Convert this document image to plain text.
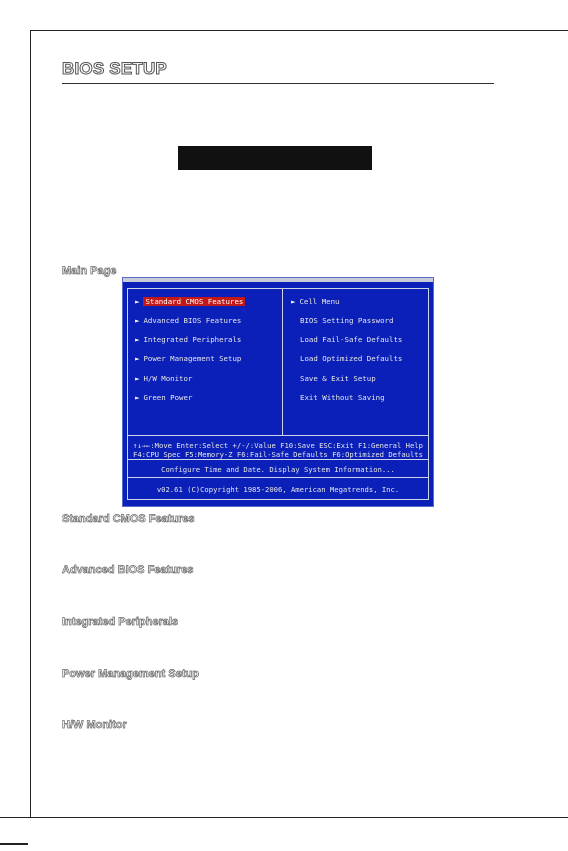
BIOS SETUP
Main Page
► Standard CMOS Features
► Advanced BIOS Features
► Integrated Peripherals
► Power Management Setup
► H/W Monitor
► Green Power
► Cell Menu
BIOS Setting Password
Load Fail-Safe Defaults
Load Optimized Defaults
Save & Exit Setup
Exit Without Saving
↑↓→←:Move Enter:Select +/-/:Value F10:Save ESC:Exit F1:General Help
F4:CPU Spec F5:Memory-Z F6:Fail-Safe Defaults F6:Optimized Defaults
Configure Time and Date. Display System Information...
v02.61 (C)Copyright 1985-2006, American Megatrends, Inc.
Standard CMOS Features
Advanced BIOS Features
Integrated Peripherals
Power Management Setup
H/W Monitor
